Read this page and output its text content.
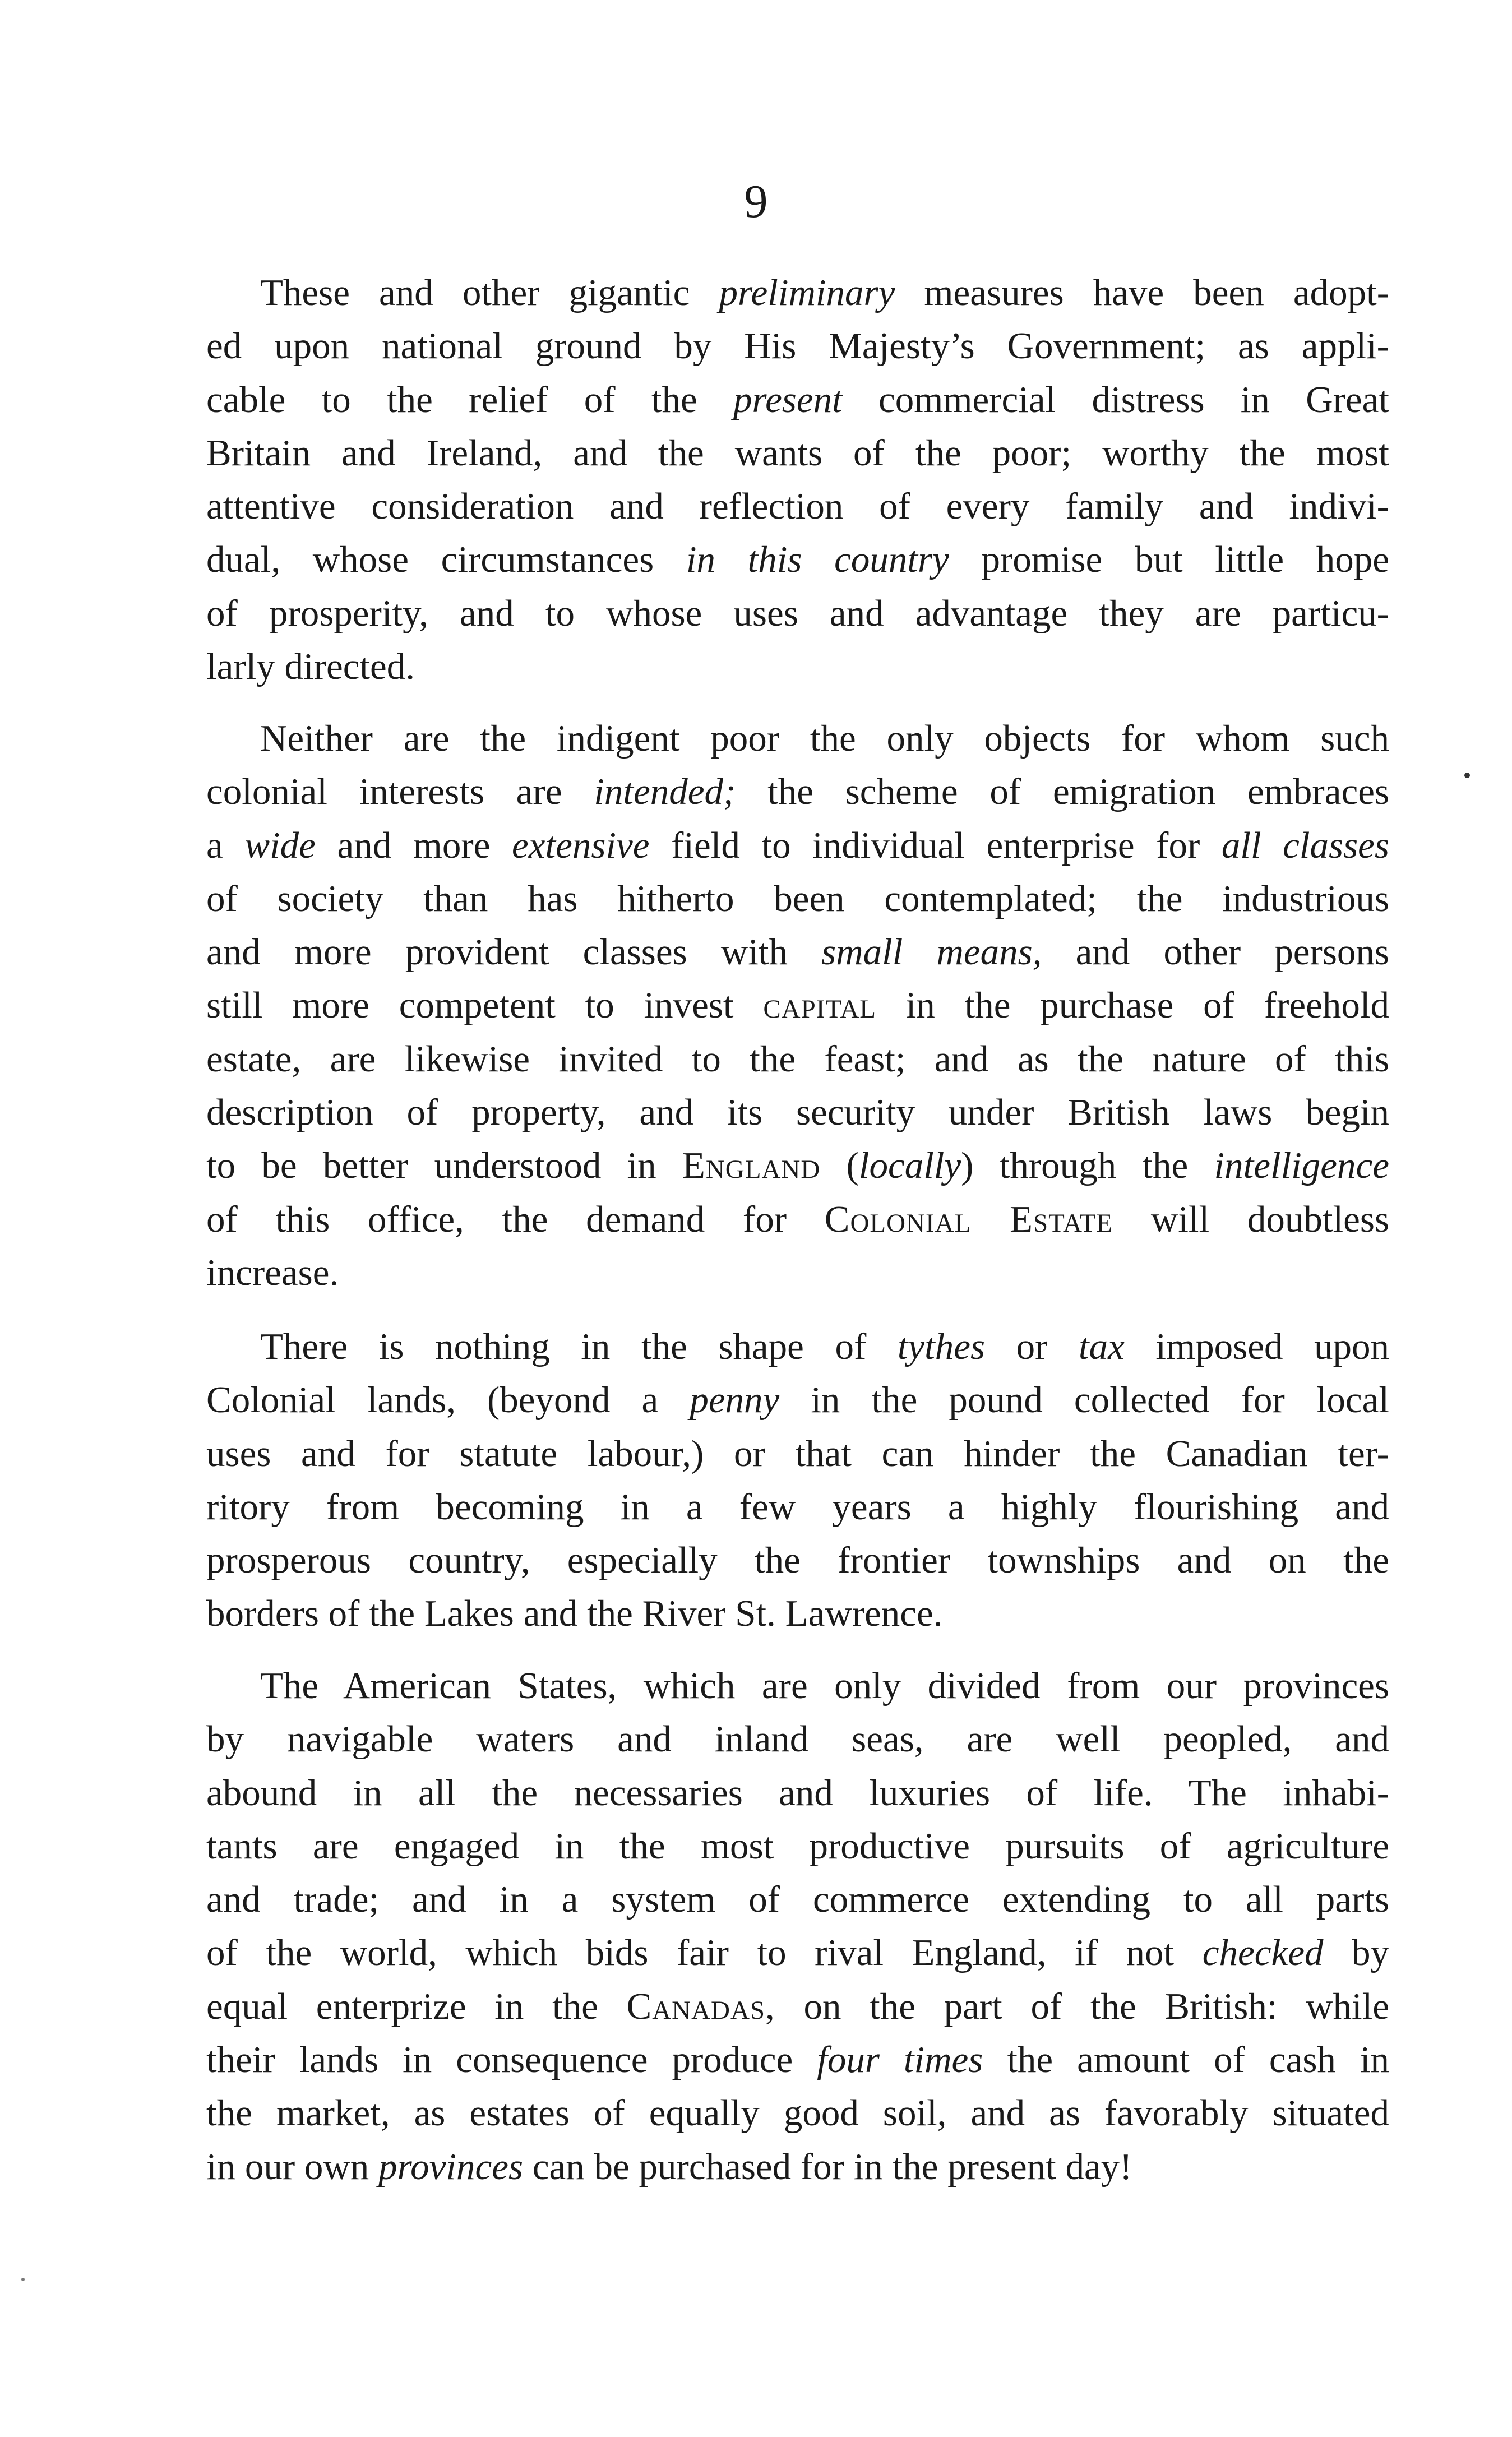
9
These and other gigantic preliminary measures have been adopt-
ed upon national ground by His Majesty’s Government; as appli-
cable to the relief of the present commercial distress in Great
Britain and Ireland, and the wants of the poor; worthy the most
attentive consideration and reflection of every family and indivi-
dual, whose circumstances in this country promise but little hope
of prosperity, and to whose uses and advantage they are particu-
larly directed.
Neither are the indigent poor the only objects for whom such
colonial interests are intended; the scheme of emigration embraces
a wide and more extensive field to individual enterprise for all classes
of society than has hitherto been contemplated; the industrious
and more provident classes with small means, and other persons
still more competent to invest capital in the purchase of freehold
estate, are likewise invited to the feast; and as the nature of this
description of property, and its security under British laws begin
to be better understood in England (locally) through the intelligence
of this office, the demand for Colonial Estate will doubtless
increase.
There is nothing in the shape of tythes or tax imposed upon
Colonial lands, (beyond a penny in the pound collected for local
uses and for statute labour,) or that can hinder the Canadian ter-
ritory from becoming in a few years a highly flourishing and
prosperous country, especially the frontier townships and on the
borders of the Lakes and the River St. Lawrence.
The American States, which are only divided from our provinces
by navigable waters and inland seas, are well peopled, and
abound in all the necessaries and luxuries of life. The inhabi-
tants are engaged in the most productive pursuits of agriculture
and trade; and in a system of commerce extending to all parts
of the world, which bids fair to rival England, if not checked by
equal enterprize in the Canadas, on the part of the British: while
their lands in consequence produce four times the amount of cash in
the market, as estates of equally good soil, and as favorably situated
in our own provinces can be purchased for in the present day!
